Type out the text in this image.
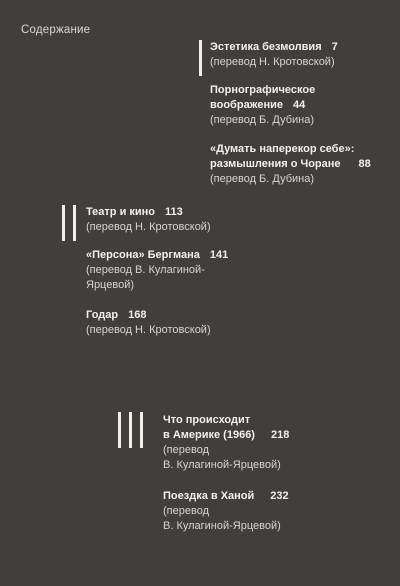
Содержание
Эстетика безмолвия 7
(перевод Н. Кротовской)
Порнографическое
воображение 44
(перевод Б. Дубина)
«Думать наперекор себе»:
размышления о Чоране 88
(перевод Б. Дубина)
Театр и кино 113
(перевод Н. Кротовской)
«Персона» Бергмана 141
(перевод В. Кулагиной-
Ярцевой)
Годар 168
(перевод Н. Кротовской)
Что происходит
в Америке (1966) 218
(перевод
В. Кулагиной-Ярцевой)
Поездка в Ханой 232
(перевод
В. Кулагиной-Ярцевой)
